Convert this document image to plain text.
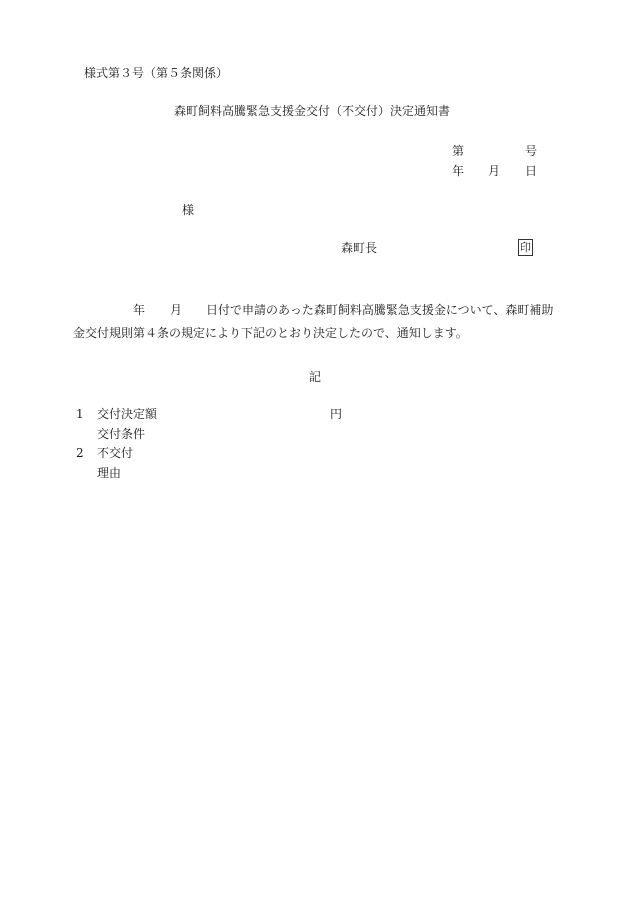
様式第３号（第５条関係）
森町飼料高騰緊急支援金交付（不交付）決定通知書
第	号
年 月 日
様
森町長	印
年 月 日付で申請のあった森町飼料高騰緊急支援金について、森町補助
金交付規則第４条の規定により下記のとおり決定したので、通知します。
記
1 交付決定額	円
交付条件
2 不交付
理由
